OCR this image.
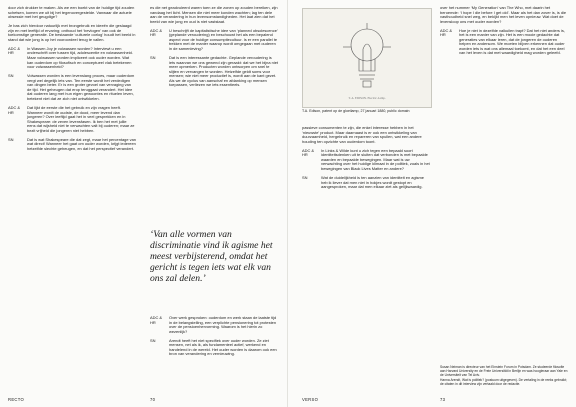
door zich drukker te maken. Als we een boekt van de huidige tijd zouden schetsen, komen we uit bij het tegenovergestelde. Vanwaar die actuele obsessie met het geugdige?

Je bas zich hierdoor natuurlijk met brongebruik en ideeën die geslaagd zijn en met leeftijd of ervaring; onthoud het ‘bevlogen’ van ook de toekomstige generatie. De bestaande ‘culturele oorlog’ houdt het beeld in stand dat wie jong is op het vooroordeel terug te vallen.

ADC & HR
In Wassen Joy je volwassen worden? Interviewt u een onderschrift over tussen tijd, adolescentie en volwassenheid. Maar volwassen worden impliceert ook ouder worden. Wat kan ouderdom op filosofisch en conceptueel vlak betekenen voor volwassenheid?
SN	Volwassen worden is een levenslang proces, maar ouderdom vergt wel degelijk iets van. Ten eerste wordt het verdedigen van dingen beter. Er is een groter gevoel van vervaging van de tijd. Het geheugen dat erop teruggaat verandert. Het idee dat ouderen lang met hun eigen gewoontes en rituelen leven, betekent niet dat ze zich niet ontwikkelen.
ADC & HR
Dat lijkt de eerste die het gebruik en zijn vragen heeft. Wanneer wordt de oudste, de dood, meer levend dan jongeren? Over leeftijd gaat het in veel gesprekken en in Shakespeare: de zeven levensfasen. Ik ben het met jullie eens dat wijsheid niet te verwachten valt bij ouderen; maar ze bezit vrijheid die jongeren niet hebben.
SN	Dat is wat Shakespeare die dat zegt, maar het percentage van wat direct! Wanneer het gaat om ouder worden, krijgt iedereen hetzelfde slechte geheugen, en dat het perspectief verandert.

es die net geadvuleerd waren toen ze die zonen op zouden bereiken, zijn vandaag het licht. Mensen die niet meer konden wachten; lag ten dele aan de verandering in hun levensomstandigheden. Het laat zien dat het beeld van wie jong en oud is niet vaststaat.

ADC & HR
U beschrijft de kapitalistische idee van ‘planned obsolescence’ (geplande veroudering) en beschouwt het als een bepalend aspect voor de huidige consumptiecultuur. Is er een parallel te trekken met de manier waarop wordt omgegaan met ouderen in de samenleving?
SN	Dat is een interessante gedachte. Geplande veroudering is iets waarvan we ons gewend zijn geraakt: dat we het bijna niet meer opmerken. Producten worden ontworpen om snel te slijten en vervangen te worden. Hetzelfde geldt soms voor mensen; wie niet meer productief is, wordt aan de kant gezet. Als we de cyclus van aanschaf en afdanking op mensen toepassen, verliezen we iets essentieels.
‘Van alle vormen van discriminatie vind ik agisme het meest verbijsterend, omdat het gericht is tegen iets wat elk van ons zal delen.’
ADC & HR
Over werk gesproken: ouderdom en werk staan de laatste tijd in de belangstelling, een verplichte pensionering tot protesten over de pensioenhervorming. Waarom is het hierin zo wezenlijk?
SN	Arendt heeft het niet specifiek over ouder worden. Ze ziet mensen, net als ik, als fundamenteel actief, werkend en handelend in de wereld. Het ouder worden is daarom ook een bron van verandering en vernieuwing.
RECTO	70
T. A. EDISON. Electric-Lamp.
T.A. Edison, patent op de gloeilamp, 27 januari 1880, public domain

passieve consumenten te zijn, die enkel interesse hebben in het ‘nieuwste’ product. Maar daarnaast is er ook een ontwikkeling van duurzaamheid, hergebruik en repareren van spullen, wat een andere houding ten opzichte van ouderdom toont.

ADC & HR
In Links & Wilde kunt u zich tegen een bepaald soort identiteitsdenken uit te sluiten dat verbonden is met bepaalde waarden en bepaalde bewegingen. Maar wat is uw verwachting over het huidige klimaat in de politiek, zoals in het bewegingen van Black Lives Matter en andere?
SN	Wat de duidelijkheid is ten aanzien van identiteit en agisme heb ik liever dat men niet in hokjes wordt gestopt en aangesproken, maar dat men elkaar ziet als gelijkwaardig.

over het nummer ‘My Generation’ van The Who, met daarin het beroemde: ‘I hope I die before I get old’. Maar als het dan zover is, is die vasthoudheid snel weg, en bekijkt men het leven opnieuw. Wat doet de levensloop ons met ouder worden?

ADC & HR
Hoe je niet in dezelfde valkuilen trapt? Dat het niet anders is, het is een manier van zijn. Het is een mooie gedachte dat generaties van elkaar leren, dat de jongeren de ouderen helpen en andersom. We moeten blijven erkennen dat ouder worden iets is wat ons allemaal toekomt, en dat het een deel van het leven is dat met waardigheid mag worden geleefd.

Susan Neiman is directeur van het Einstein Forum in Potsdam. Ze studeerde filosofie aan Harvard University en de Freie Universität in Berlijn en was hoogleraar aan Yale en de Universiteit van Tel Aviv.

Hanna Arendt, Wat is politiek? (postuum uitgegeven). De vertaling in de reeks gebruikt; de citaten in dit interview zijn vertaald door de redactie.

VERSO	73
